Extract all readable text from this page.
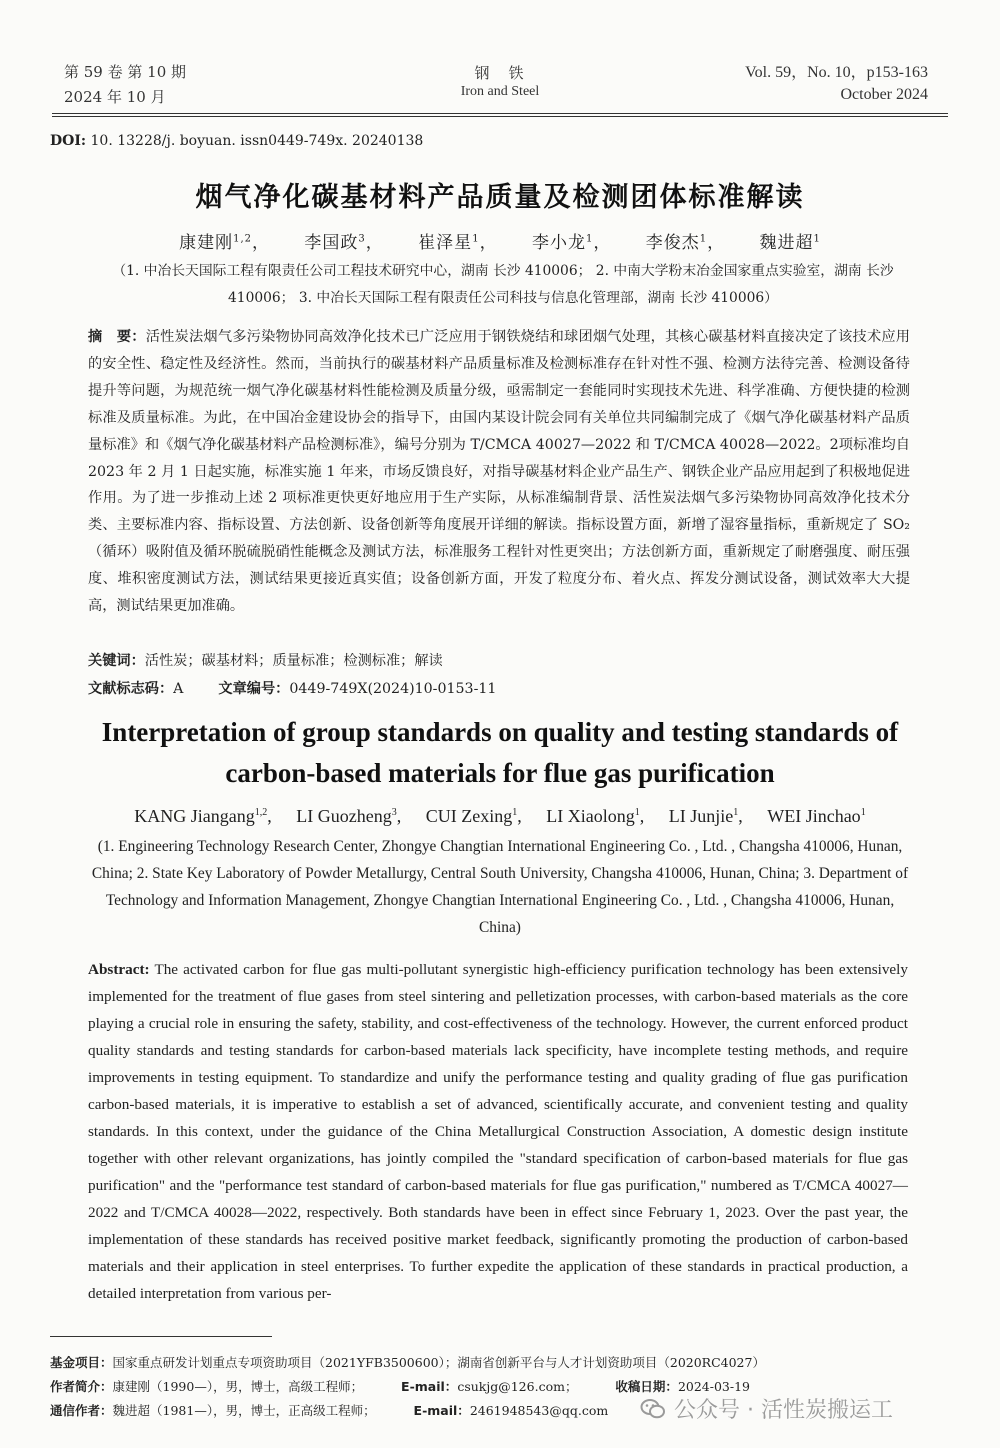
第 59 卷 第 10 期
2024 年 10 月
钢　铁
Iron and Steel
Vol. 59，No. 10，p153-163
October 2024
DOI: 10. 13228/j. boyuan. issn0449-749x. 20240138
烟气净化碳基材料产品质量及检测团体标准解读
康建刚$^{1,2}$， 李国政$^3$， 崔泽星$^1$， 李小龙$^1$， 李俊杰$^1$， 魏进超$^1$
（1. 中冶长天国际工程有限责任公司工程技术研究中心，湖南 长沙 410006； 2. 中南大学粉末冶金国家重点实验室，湖南 长沙 410006； 3. 中冶长天国际工程有限责任公司科技与信息化管理部，湖南 长沙 410006）
摘　要：活性炭法烟气多污染物协同高效净化技术已广泛应用于钢铁烧结和球团烟气处理，其核心碳基材料直接决定了该技术应用的安全性、稳定性及经济性。然而，当前执行的碳基材料产品质量标准及检测标准存在针对性不强、检测方法待完善、检测设备待提升等问题，为规范统一烟气净化碳基材料性能检测及质量分级，亟需制定一套能同时实现技术先进、科学准确、方便快捷的检测标准及质量标准。为此，在中国冶金建设协会的指导下，由国内某设计院会同有关单位共同编制完成了《烟气净化碳基材料产品质量标准》和《烟气净化碳基材料产品检测标准》，编号分别为 T/CMCA 40027—2022 和 T/CMCA 40028—2022。2项标准均自 2023 年 2 月 1 日起实施，标准实施 1 年来，市场反馈良好，对指导碳基材料企业产品生产、钢铁企业产品应用起到了积极地促进作用。为了进一步推动上述 2 项标准更快更好地应用于生产实际，从标准编制背景、活性炭法烟气多污染物协同高效净化技术分类、主要标准内容、指标设置、方法创新、设备创新等角度展开详细的解读。指标设置方面，新增了湿容量指标，重新规定了 SO₂（循环）吸附值及循环脱硫脱硝性能概念及测试方法，标准服务工程针对性更突出；方法创新方面，重新规定了耐磨强度、耐压强度、堆积密度测试方法，测试结果更接近真实值；设备创新方面，开发了粒度分布、着火点、挥发分测试设备，测试效率大大提高，测试结果更加准确。
关键词：活性炭；碳基材料；质量标准；检测标准；解读
文献标志码：A 文章编号：0449-749X(2024)10-0153-11
Interpretation of group standards on quality and testing standards of carbon-based materials for flue gas purification
KANG Jiangang$^{1,2}$, LI Guozheng$^3$, CUI Zexing$^1$, LI Xiaolong$^1$, LI Junjie$^1$, WEI Jinchao$^1$
(1. Engineering Technology Research Center, Zhongye Changtian International Engineering Co. , Ltd. , Changsha 410006, Hunan, China; 2. State Key Laboratory of Powder Metallurgy, Central South University, Changsha 410006, Hunan, China; 3. Department of Technology and Information Management, Zhongye Changtian International Engineering Co. , Ltd. , Changsha 410006, Hunan, China)
Abstract: The activated carbon for flue gas multi-pollutant synergistic high-efficiency purification technology has been extensively implemented for the treatment of flue gases from steel sintering and pelletization processes, with carbon-based materials as the core playing a crucial role in ensuring the safety, stability, and cost-effectiveness of the technology. However, the current enforced product quality standards and testing standards for carbon-based materials lack specificity, have incomplete testing methods, and require improvements in testing equipment. To standardize and unify the performance testing and quality grading of flue gas purification carbon-based materials, it is imperative to establish a set of advanced, scientifically accurate, and convenient testing and quality standards. In this context, under the guidance of the China Metallurgical Construction Association, A domestic design institute together with other relevant organizations, has jointly compiled the "standard specification of carbon-based materials for flue gas purification" and the "performance test standard of carbon-based materials for flue gas purification," numbered as T/CMCA 40027—2022 and T/CMCA 40028—2022, respectively. Both standards have been in effect since February 1, 2023. Over the past year, the implementation of these standards has received positive market feedback, significantly promoting the production of carbon-based materials and their application in steel enterprises. To further expedite the application of these standards in practical production, a detailed interpretation from various per-
基金项目：国家重点研发计划重点专项资助项目（2021YFB3500600）；湖南省创新平台与人才计划资助项目（2020RC4027）
作者简介：康建刚（1990—），男，博士，高级工程师；	E-mail：csukjg@126.com；	收稿日期：2024-03-19
通信作者：魏进超（1981—），男，博士，正高级工程师；	E-mail：2461948543@qq.com	公众号 · 活性炭搬运工
